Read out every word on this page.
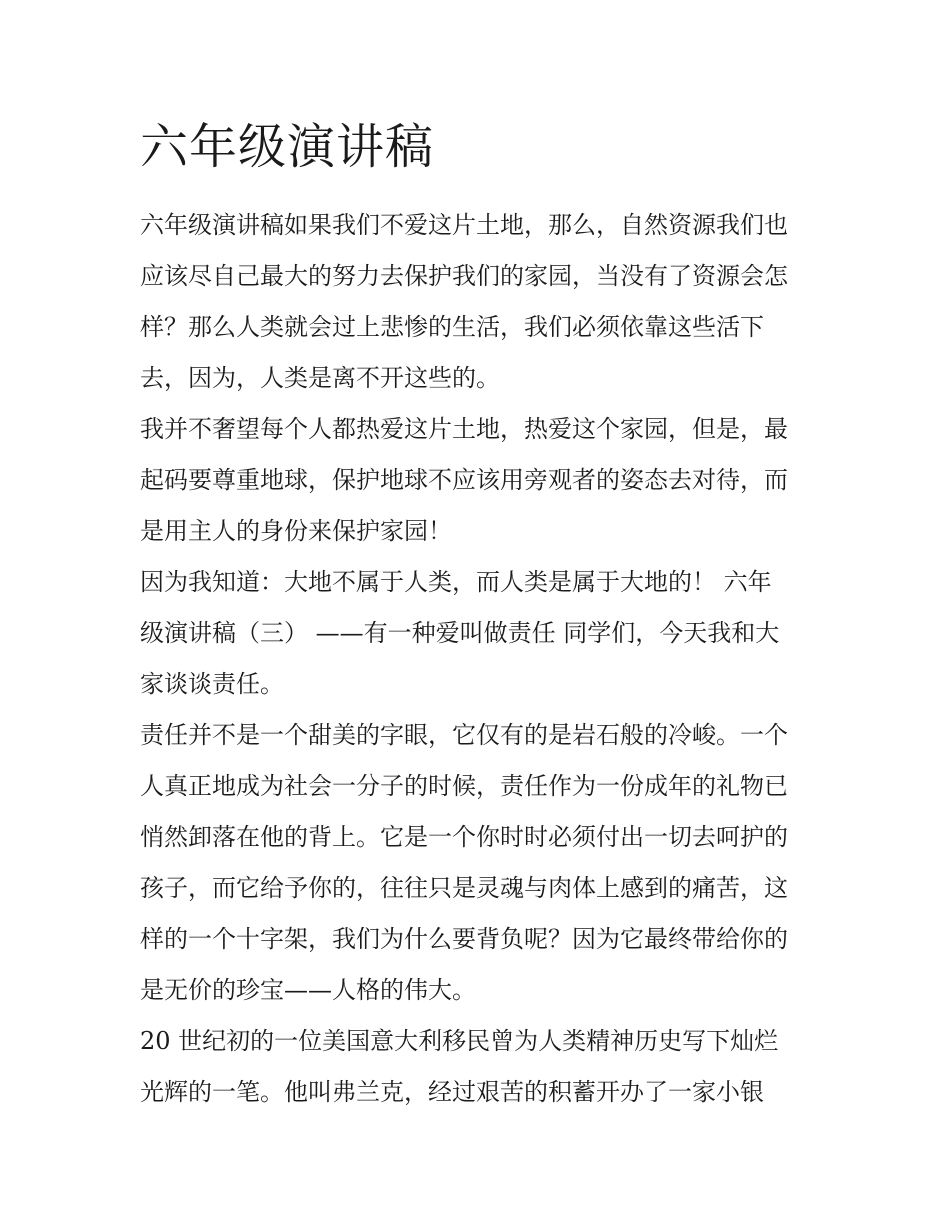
六年级演讲稿
六年级演讲稿如果我们不爱这片土地，那么，自然资源我们也
应该尽自己最大的努力去保护我们的家园，当没有了资源会怎
样？那么人类就会过上悲惨的生活，我们必须依靠这些活下
去，因为，人类是离不开这些的。
我并不奢望每个人都热爱这片土地，热爱这个家园，但是，最
起码要尊重地球，保护地球不应该用旁观者的姿态去对待，而
是用主人的身份来保护家园！
因为我知道：大地不属于人类，而人类是属于大地的！ 六年
级演讲稿（三） ——有一种爱叫做责任 同学们，今天我和大
家谈谈责任。
责任并不是一个甜美的字眼，它仅有的是岩石般的冷峻。一个
人真正地成为社会一分子的时候，责任作为一份成年的礼物已
悄然卸落在他的背上。它是一个你时时必须付出一切去呵护的
孩子，而它给予你的，往往只是灵魂与肉体上感到的痛苦，这
样的一个十字架，我们为什么要背负呢？因为它最终带给你的
是无价的珍宝——人格的伟大。
20 世纪初的一位美国意大利移民曾为人类精神历史写下灿烂
光辉的一笔。他叫弗兰克，经过艰苦的积蓄开办了一家小银
